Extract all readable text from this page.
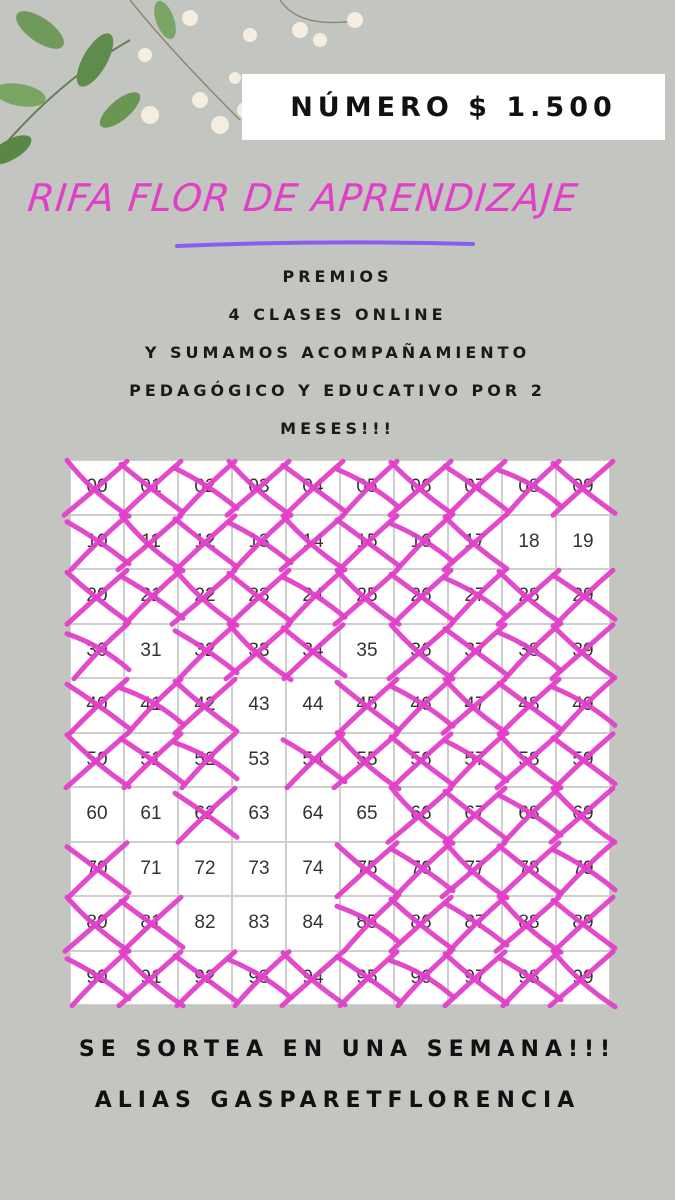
NÚMERO $ 1.500
RIFA FLOR DE APRENDIZAJE
PREMIOS
4 CLASES ONLINE
Y SUMAMOS ACOMPAÑAMIENTO
PEDAGÓGICO Y EDUCATIVO POR 2
MESES!!!
00	01	02	03	04	05	06	07	08	09
10	11	12	13	14	15	16	17	18	19
20	21	22	23	24	25	26	27	28	29
30	31	32	33	34	35	36	37	38	39
40	41	42	43	44	45	46	47	48	49
50	51	52	53	54	55	56	57	58	59
60	61	62	63	64	65	66	67	68	69
70	71	72	73	74	75	76	77	78	79
80	81	82	83	84	85	86	87	88	89
90	91	92	93	94	95	96	97	98	99
SE SORTEA EN UNA SEMANA!!!
ALIAS GASPARETFLORENCIA
